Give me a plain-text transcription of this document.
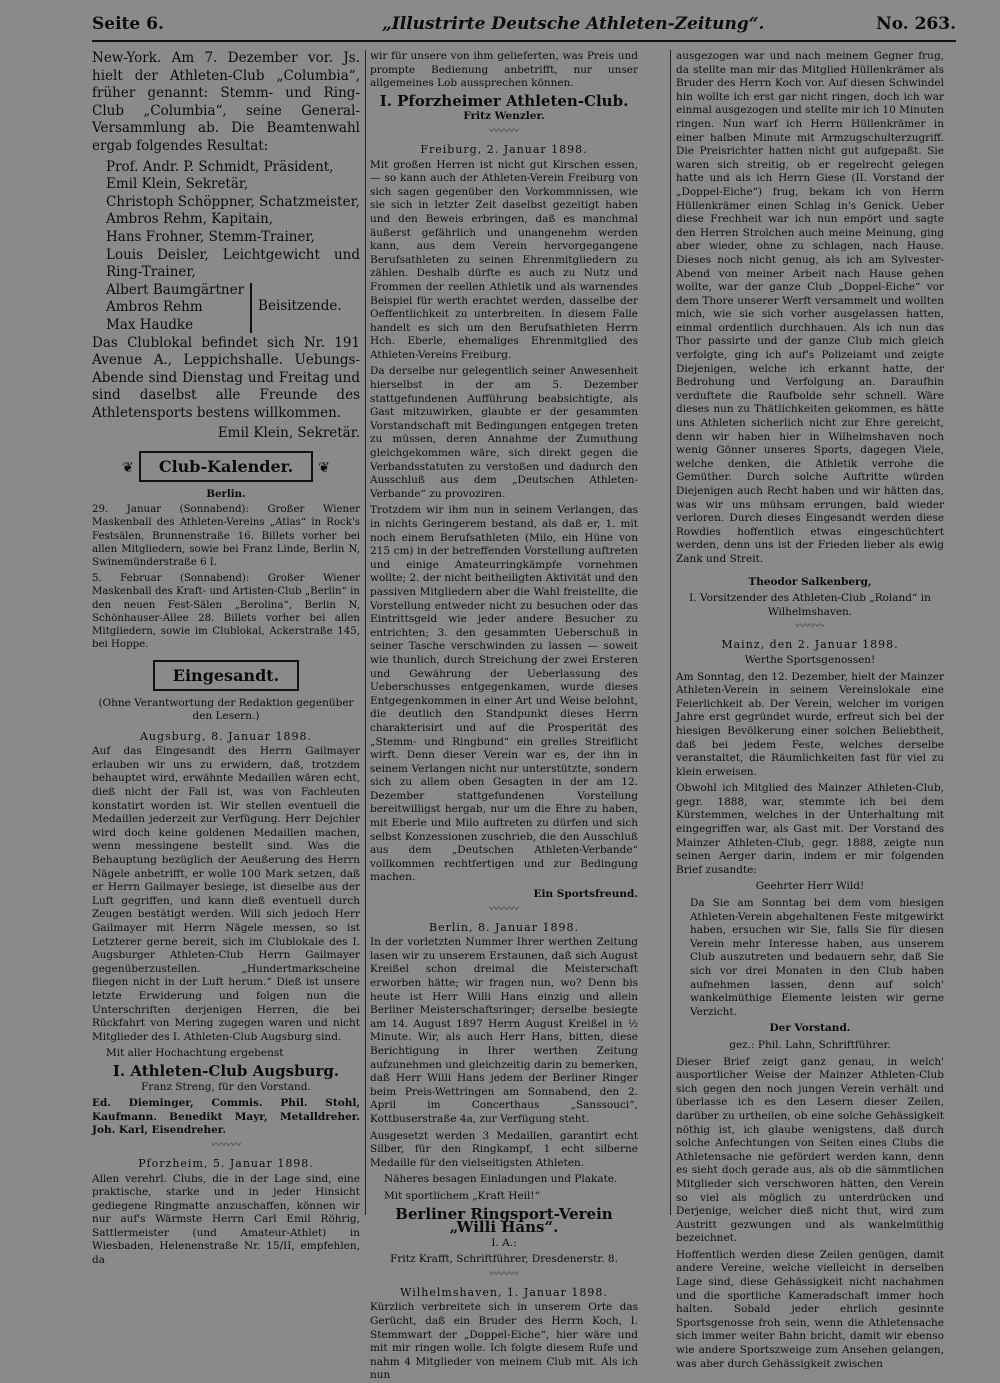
Seite 6.	„Illustrirte Deutsche Athleten-Zeitung“.	No. 263.

New-York. Am 7. Dezember vor. Js. hielt der Athleten-Club „Columbia“, früher genannt: Stemm- und Ring-Club „Columbia“, seine General-Versammlung ab. Die Beamtenwahl ergab folgendes Resultat:

Prof. Andr. P. Schmidt, Präsident,

Emil Klein, Sekretär,

Christoph Schöppner, Schatzmeister,

Ambros Rehm, Kapitain,

Hans Frohner, Stemm-Trainer,

Louis Deisler, Leichtgewicht und Ring-Trainer,

Albert Baumgärtner

Ambros Rehm

Max Haudke

Beisitzende.

Das Clublokal befindet sich Nr. 191 Avenue A., Leppichshalle. Uebungs-Abende sind Dienstag und Freitag und sind daselbst alle Freunde des Athletensports bestens willkommen.

Emil Klein, Sekretär.

❦ Club-Kalender. ❦

Berlin.

29. Januar (Sonnabend): Großer Wiener Maskenball des Athleten-Vereins „Atlas“ in Rock's Festsälen, Brunnenstraße 16. Billets vorher bei allen Mitgliedern, sowie bei Franz Linde, Berlin N, Swinemünderstraße 6 I.

5. Februar (Sonnabend): Großer Wiener Maskenball des Kraft- und Artisten-Club „Berlin“ in den neuen Fest-Sälen „Berolina“, Berlin N, Schönhauser-Allee 28. Billets vorher bei allen Mitgliedern, sowie im Clublokal, Ackerstraße 145, bei Hoppe.

Eingesandt.

(Ohne Verantwortung der Redaktion gegenüber den Lesern.)

Augsburg, 8. Januar 1898.

Auf das Eingesandt des Herrn Gailmayer erlauben wir uns zu erwidern, daß, trotzdem behauptet wird, erwähnte Medaillen wären echt, dieß nicht der Fall ist, was von Fachleuten konstatirt worden ist. Wir stellen eventuell die Medaillen jederzeit zur Verfügung. Herr Dejchler wird doch keine goldenen Medaillen machen, wenn messingene bestellt sind. Was die Behauptung bezüglich der Aeußerung des Herrn Nägele anbetrifft, er wolle 100 Mark setzen, daß er Herrn Gailmayer besiege, ist dieselbe aus der Luft gegriffen, und kann dieß eventuell durch Zeugen bestätigt werden. Will sich jedoch Herr Gailmayer mit Herrn Nägele messen, so ist Letzterer gerne bereit, sich im Clublokale des I. Augsburger Athleten-Club Herrn Gailmayer gegenüberzustellen. „Hundertmarkscheine fliegen nicht in der Luft herum.“ Dieß ist unsere letzte Erwiderung und folgen nun die Unterschriften derjenigen Herren, die bei Rückfahrt von Mering zugegen waren und nicht Mitglieder des I. Athleten-Club Augsburg sind.

Mit aller Hochachtung ergebenst

I. Athleten-Club Augsburg.

Franz Streng, für den Vorstand.

Ed. Dieminger, Commis. Phil. Stohl, Kaufmann. Benedikt Mayr, Metalldreher. Joh. Karl, Eisendreher.

〰〰〰

Pforzheim, 5. Januar 1898.

Allen verehrl. Clubs, die in der Lage sind, eine praktische, starke und in jeder Hinsicht gediegene Ringmatte anzuschaffen, können wir nur auf's Wärmste Herrn Carl Emil Röhrig, Sattlermeister (und Amateur-Athlet) in Wiesbaden, Helenenstraße Nr. 15/II, empfehlen, da

wir für unsere von ihm gelieferten, was Preis und prompte Bedienung anbetrifft, nur unser allgemeines Lob aussprechen können.

I. Pforzheimer Athleten-Club.

Fritz Wenzler.

〰〰〰

Freiburg, 2. Januar 1898.

Mit großen Herren ist nicht gut Kirschen essen, — so kann auch der Athleten-Verein Freiburg von sich sagen gegenüber den Vorkommnissen, wie sie sich in letzter Zeit daselbst gezeitigt haben und den Beweis erbringen, daß es manchmal äußerst gefährlich und unangenehm werden kann, aus dem Verein hervorgegangene Berufsathleten zu seinen Ehrenmitgliedern zu zählen. Deshalb dürfte es auch zu Nutz und Frommen der reellen Athletik und als warnendes Beispiel für werth erachtet werden, dasselbe der Oeffentlichkeit zu unterbreiten. In diesem Falle handelt es sich um den Berufsathleten Herrn Hch. Eberle, ehemaliges Ehrenmitglied des Athleten-Vereins Freiburg.

Da derselbe nur gelegentlich seiner Anwesenheit hierselbst in der am 5. Dezember stattgefundenen Aufführung beabsichtigte, als Gast mitzuwirken, glaubte er der gesammten Vorstandschaft mit Bedingungen entgegen treten zu müssen, deren Annahme der Zumuthung gleichgekommen wäre, sich direkt gegen die Verbandsstatuten zu verstoßen und dadurch den Ausschluß aus dem „Deutschen Athleten-Verbande“ zu provoziren.

Trotzdem wir ihm nun in seinem Verlangen, das in nichts Geringerem bestand, als daß er, 1. mit noch einem Berufsathleten (Milo, ein Hüne von 215 cm) in der betreffenden Vorstellung auftreten und einige Amateurringkämpfe vornehmen wollte; 2. der nicht beitheiligten Aktivität und den passiven Mitgliedern aber die Wahl freistellte, die Vorstellung entweder nicht zu besuchen oder das Eintrittsgeld wie jeder andere Besucher zu entrichten; 3. den gesammten Ueberschuß in seiner Tasche verschwinden zu lassen — soweit wie thunlich, durch Streichung der zwei Ersteren und Gewährung der Ueberlassung des Ueberschusses entgegenkamen, wurde dieses Entgegenkommen in einer Art und Weise belohnt, die deutlich den Standpunkt dieses Herrn charakterisirt und auf die Prosperität des „Stemm- und Ringbund“ ein grelles Streiflicht wirft. Denn dieser Verein war es, der ihn in seinem Verlangen nicht nur unterstützte, sondern sich zu allem oben Gesagten in der am 12. Dezember stattgefundenen Vorstellung bereitwilligst hergab, nur um die Ehre zu haben, mit Eberle und Milo auftreten zu dürfen und sich selbst Konzessionen zuschrieb, die den Ausschluß aus dem „Deutschen Athleten-Verbande“ vollkommen rechtfertigen und zur Bedingung machen.

Ein Sportsfreund.

〰〰〰

Berlin, 8. Januar 1898.

In der vorletzten Nummer Ihrer werthen Zeitung lasen wir zu unserem Erstaunen, daß sich August Kreißel schon dreimal die Meisterschaft erworben hätte; wir fragen nun, wo? Denn bis heute ist Herr Willi Hans einzig und allein Berliner Meisterschaftsringer; derselbe besiegte am 14. August 1897 Herrn August Kreißel in ½ Minute. Wir, als auch Herr Hans, bitten, diese Berichtigung in Ihrer werthen Zeitung aufzunehmen und gleichzeitig darin zu bemerken, daß Herr Willi Hans jedem der Berliner Ringer beim Preis-Wettringen am Sonnabend, den 2. April im Concerthaus „Sanssouci“, Kottbuserstraße 4a, zur Verfügung steht.

Ausgesetzt werden 3 Medaillen, garantirt echt Silber, für den Ringkampf, 1 echt silberne Medaille für den vielseitigsten Athleten.

Näheres besagen Einladungen und Plakate.

Mit sportlichem „Kraft Heil!“

Berliner Ringsport-Verein „Willi Hans“.

I. A.:

Fritz Krafft, Schriftführer, Dresdenerstr. 8.

〰〰〰

Wilhelmshaven, 1. Januar 1898.

Kürzlich verbreitete sich in unserem Orte das Gerücht, daß ein Bruder des Herrn Koch, I. Stemmwart der „Doppel-Eiche“, hier wäre und mit mir ringen wolle. Ich folgte diesem Rufe und nahm 4 Mitglieder von meinem Club mit. Als ich nun

ausgezogen war und nach meinem Gegner frug, da stellte man mir das Mitglied Hüllenkrämer als Bruder des Herrn Koch vor. Auf diesen Schwindel hin wollte ich erst gar nicht ringen, doch ich war einmal ausgezogen und stellte mir ich 10 Minuten ringen. Nun warf ich Herrn Hüllenkrämer in einer halben Minute mit Armzugschulterzugriff. Die Preisrichter hatten nicht gut aufgepaßt. Sie waren sich streitig, ob er regelrecht gelegen hatte und als ich Herrn Giese (II. Vorstand der „Doppel-Eiche“) frug, bekam ich von Herrn Hüllenkrämer einen Schlag in's Genick. Ueber diese Frechheit war ich nun empört und sagte den Herren Strolchen auch meine Meinung, ging aber wieder, ohne zu schlagen, nach Hause. Dieses noch nicht genug, als ich am Sylvester-Abend von meiner Arbeit nach Hause gehen wollte, war der ganze Club „Doppel-Eiche“ vor dem Thore unserer Werft versammelt und wollten mich, wie sie sich vorher ausgelassen hatten, einmal ordentlich durchhauen. Als ich nun das Thor passirte und der ganze Club mich gleich verfolgte, ging ich auf's Polizeiamt und zeigte Diejenigen, welche ich erkannt hatte, der Bedrohung und Verfolgung an. Daraufhin verduftete die Raufbolde sehr schnell. Wäre dieses nun zu Thätlichkeiten gekommen, es hätte uns Athleten sicherlich nicht zur Ehre gereicht, denn wir haben hier in Wilhelmshaven noch wenig Gönner unseres Sports, dagegen Viele, welche denken, die Athletik verrohe die Gemüther. Durch solche Auftritte würden Diejenigen auch Recht haben und wir hätten das, was wir uns mühsam errungen, bald wieder verloren. Durch dieses Eingesandt werden diese Rowdies hoffentlich etwas eingeschüchtert werden, denn uns ist der Frieden lieber als ewig Zank und Streit.

Theodor Salkenberg,

I. Vorsitzender des Athleten-Club „Roland“ in Wilhelmshaven.

〰〰〰

Mainz, den 2. Januar 1898.

Werthe Sportsgenossen!

Am Sonntag, den 12. Dezember, hielt der Mainzer Athleten-Verein in seinem Vereinslokale eine Feierlichkeit ab. Der Verein, welcher im vorigen Jahre erst gegründet wurde, erfreut sich bei der hiesigen Bevölkerung einer solchen Beliebtheit, daß bei jedem Feste, welches derselbe veranstaltet, die Räumlichkeiten fast für viel zu klein erweisen.

Obwohl ich Mitglied des Mainzer Athleten-Club, gegr. 1888, war, stemmte ich bei dem Kürstemmen, welches in der Unterhaltung mit eingegriffen war, als Gast mit. Der Vorstand des Mainzer Athleten-Club, gegr. 1888, zeigte nun seinen Aerger darin, indem er mir folgenden Brief zusandte:

Geehrter Herr Wild!

Da Sie am Sonntag bei dem vom hiesigen Athleten-Verein abgehaltenen Feste mitgewirkt haben, ersuchen wir Sie, falls Sie für diesen Verein mehr Interesse haben, aus unserem Club auszutreten und bedauern sehr, daß Sie sich vor drei Monaten in den Club haben aufnehmen lassen, denn auf solch' wankelmüthige Elemente leisten wir gerne Verzicht.

Der Vorstand.

gez.: Phil. Lahn, Schriftführer.

Dieser Brief zeigt ganz genau, in welch' ausportlicher Weise der Mainzer Athleten-Club sich gegen den noch jungen Verein verhält und überlasse ich es den Lesern dieser Zeilen, darüber zu urtheilen, ob eine solche Gehässigkeit nöthig ist, ich glaube wenigstens, daß durch solche Anfechtungen von Seiten eines Clubs die Athletensache nie gefördert werden kann, denn es sieht doch gerade aus, als ob die sämmtlichen Mitglieder sich verschworen hätten, den Verein so viel als möglich zu unterdrücken und Derjenige, welcher dieß nicht thut, wird zum Austritt gezwungen und als wankelmüthig bezeichnet.

Hoffentlich werden diese Zeilen genügen, damit andere Vereine, welche vielleicht in derselben Lage sind, diese Gehässigkeit nicht nachahmen und die sportliche Kameradschaft immer hoch halten. Sobald jeder ehrlich gesinnte Sportsgenosse froh sein, wenn die Athletensache sich immer weiter Bahn bricht, damit wir ebenso wie andere Sportszweige zum Ansehen gelangen, was aber durch Gehässigkeit zwischen
